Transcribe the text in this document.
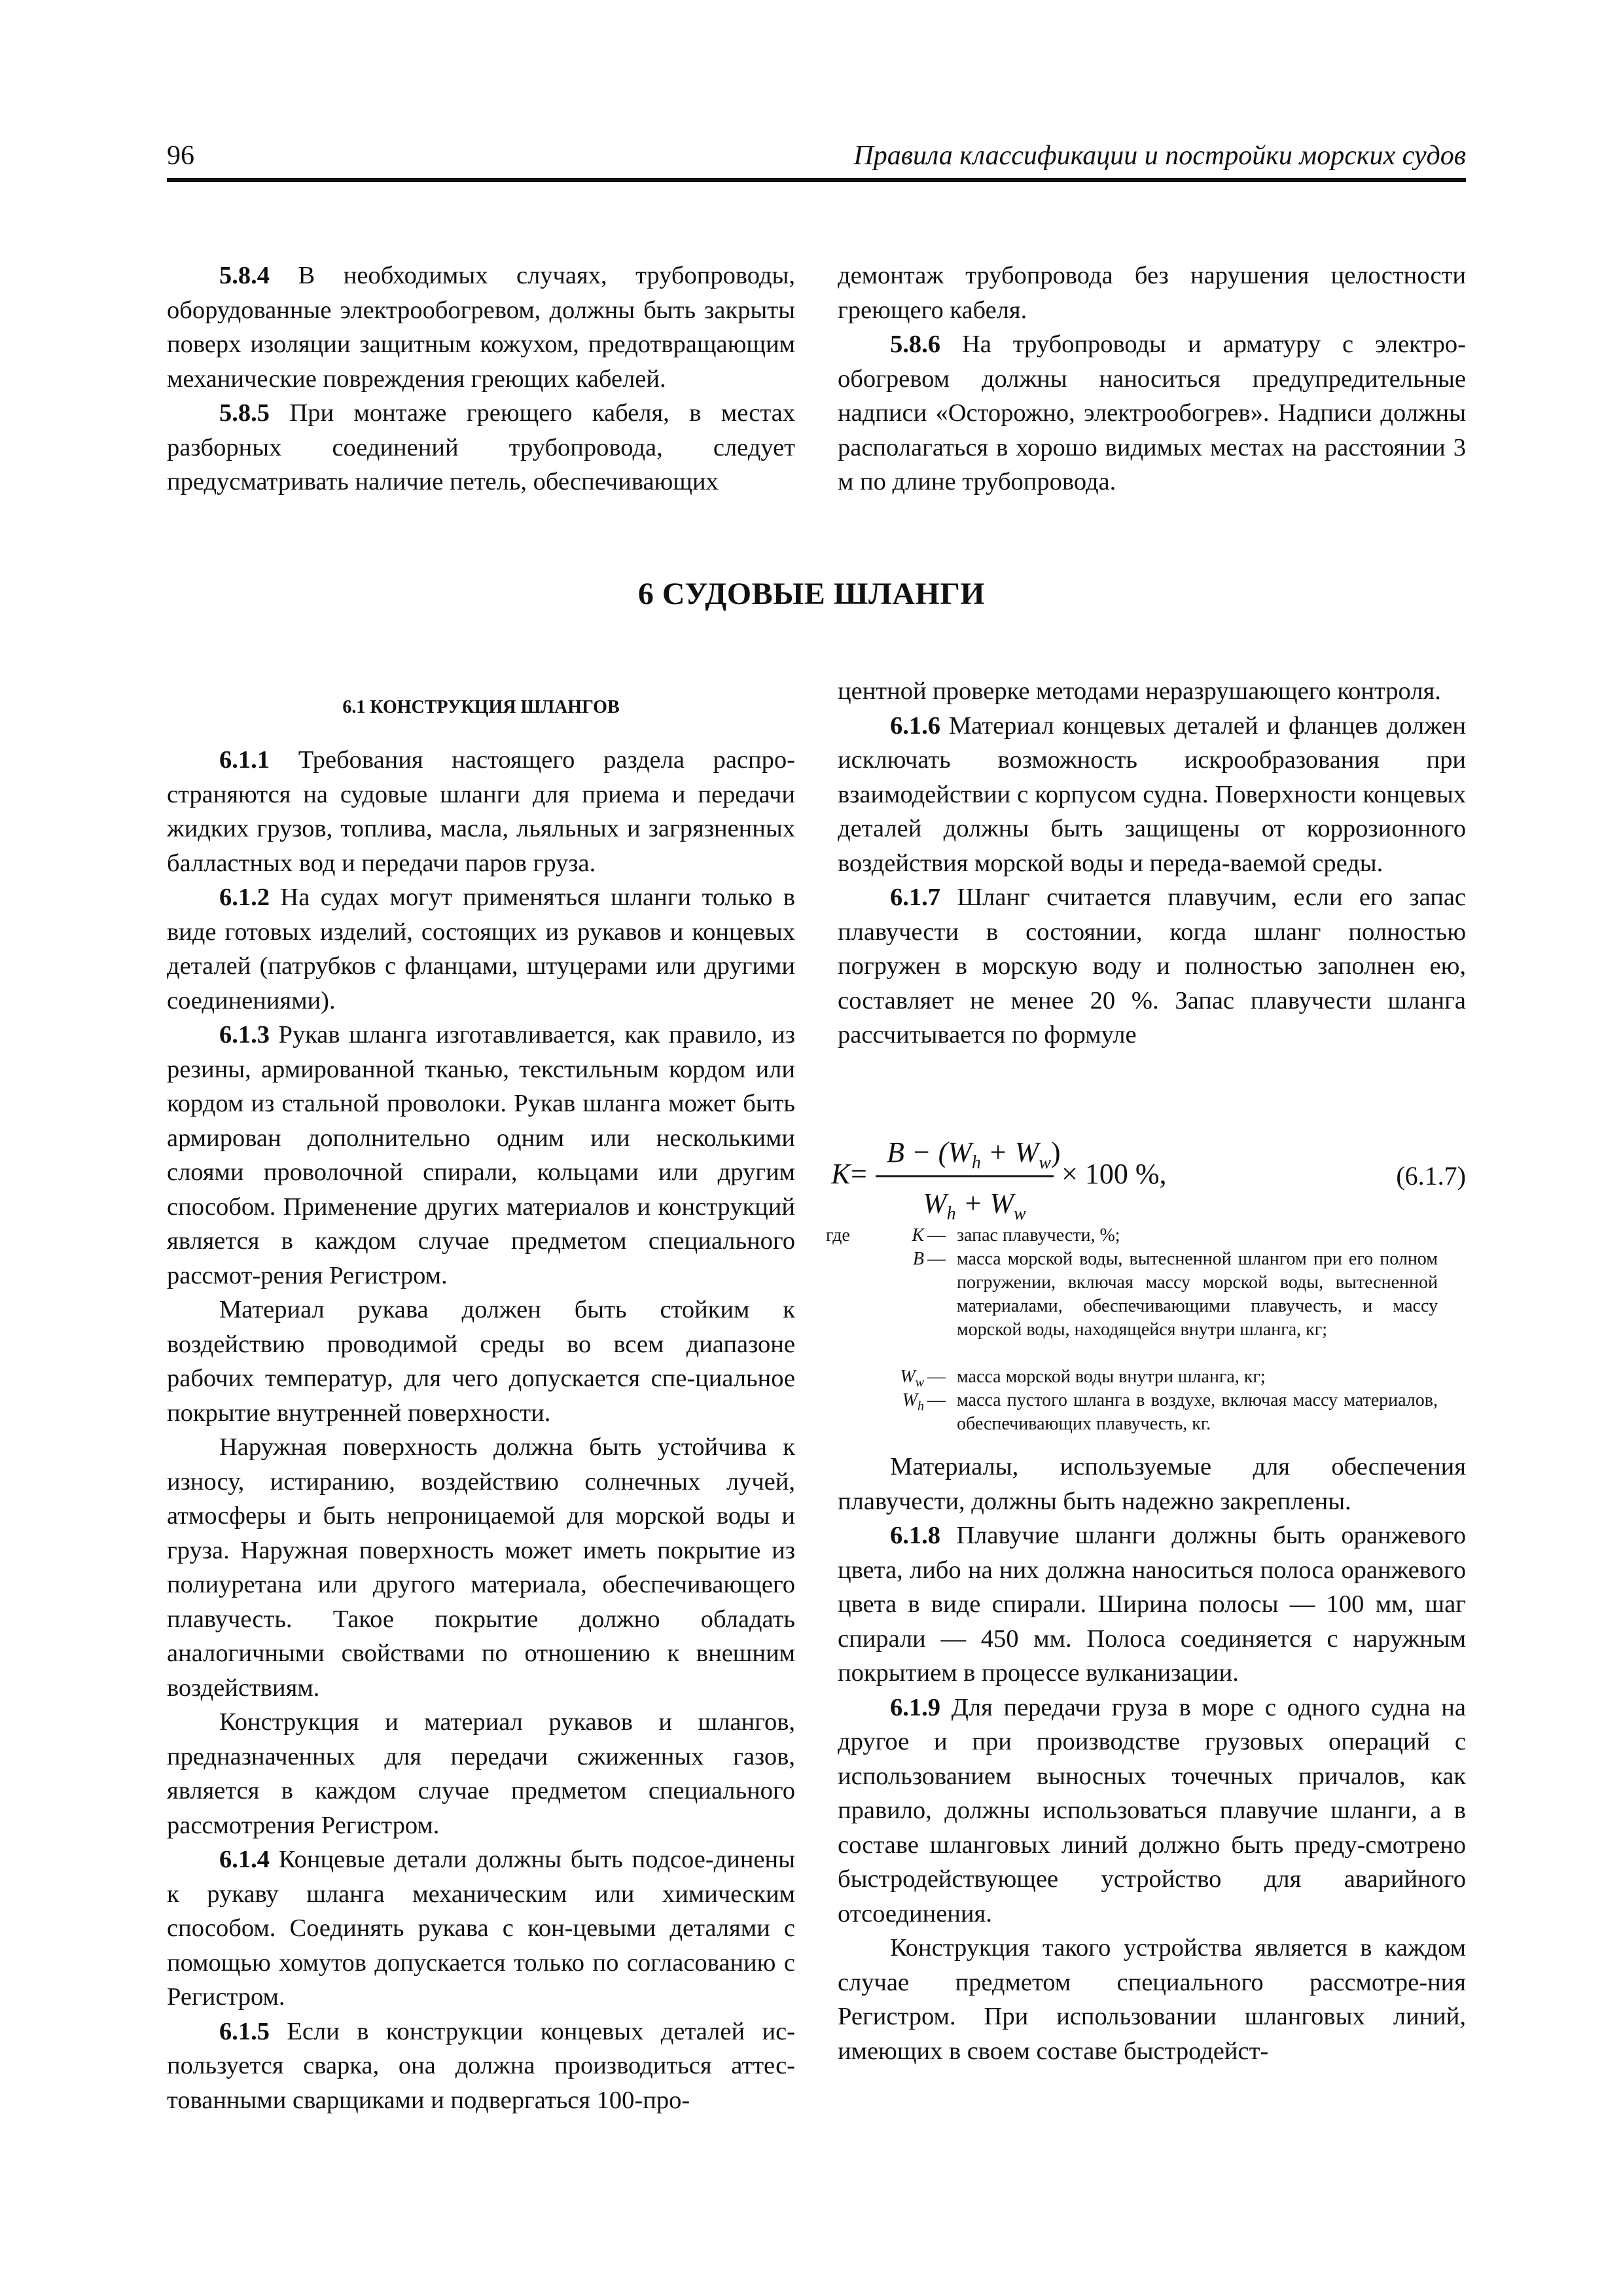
96	Правила классификации и постройки морских судов

5.8.4 В необходимых случаях, трубопроводы, оборудованные электрообогревом, должны быть закрыты поверх изоляции защитным кожухом, предотвращающим механические повреждения греющих кабелей.

5.8.5 При монтаже греющего кабеля, в местах разборных соединений трубопровода, следует предусматривать наличие петель, обеспечивающих

демонтаж трубопровода без нарушения целостности греющего кабеля.

5.8.6 На трубопроводы и арматуру с электро-обогревом должны наноситься предупредительные надписи «Осторожно, электрообогрев». Надписи должны располагаться в хорошо видимых местах на расстоянии 3 м по длине трубопровода.

6 СУДОВЫЕ ШЛАНГИ
6.1 КОНСТРУКЦИЯ ШЛАНГОВ

6.1.1 Требования настоящего раздела распро-страняются на судовые шланги для приема и передачи жидких грузов, топлива, масла, льяльных и загрязненных балластных вод и передачи паров груза.

6.1.2 На судах могут применяться шланги только в виде готовых изделий, состоящих из рукавов и концевых деталей (патрубков с фланцами, штуцерами или другими соединениями).

6.1.3 Рукав шланга изготавливается, как правило, из резины, армированной тканью, текстильным кордом или кордом из стальной проволоки. Рукав шланга может быть армирован дополнительно одним или несколькими слоями проволочной спирали, кольцами или другим способом. Применение других материалов и конструкций является в каждом случае предметом специального рассмот-рения Регистром.

Материал рукава должен быть стойким к воздействию проводимой среды во всем диапазоне рабочих температур, для чего допускается спе-циальное покрытие внутренней поверхности.

Наружная поверхность должна быть устойчива к износу, истиранию, воздействию солнечных лучей, атмосферы и быть непроницаемой для морской воды и груза. Наружная поверхность может иметь покрытие из полиуретана или другого материала, обеспечивающего плавучесть. Такое покрытие должно обладать аналогичными свойствами по отношению к внешним воздействиям.

Конструкция и материал рукавов и шлангов, предназначенных для передачи сжиженных газов, является в каждом случае предметом специального рассмотрения Регистром.

6.1.4 Концевые детали должны быть подсое-динены к рукаву шланга механическим или химическим способом. Соединять рукава с кон-цевыми деталями с помощью хомутов допускается только по согласованию с Регистром.

6.1.5 Если в конструкции концевых деталей ис-пользуется сварка, она должна производиться аттес-тованными сварщиками и подвергаться 100-про-

центной проверке методами неразрушающего контроля.

6.1.6 Материал концевых деталей и фланцев должен исключать возможность искрообразования при взаимодействии с корпусом судна. Поверхности концевых деталей должны быть защищены от коррозионного воздействия морской воды и переда-ваемой среды.

6.1.7 Шланг считается плавучим, если его запас плавучести в состоянии, когда шланг полностью погружен в морскую воду и полностью заполнен ею, составляет не менее 20 %. Запас плавучести шланга рассчитывается по формуле

K =
$B - (W_h + W_w)$
$W_h + W_w$
× 100 %,	(6.1.7)
где	K — запас плавучести, %;
B — масса морской воды, вытесненной шлангом при его полном погружении, включая массу морской воды, вытесненной материалами, обеспечивающими плавучесть, и массу морской воды, находящейся внутри шланга, кг;
$W_w$ — масса морской воды внутри шланга, кг;
$W_h$ — масса пустого шланга в воздухе, включая массу материалов, обеспечивающих плавучесть, кг.

Материалы, используемые для обеспечения плавучести, должны быть надежно закреплены.

6.1.8 Плавучие шланги должны быть оранжевого цвета, либо на них должна наноситься полоса оранжевого цвета в виде спирали. Ширина полосы — 100 мм, шаг спирали — 450 мм. Полоса соединяется с наружным покрытием в процессе вулканизации.

6.1.9 Для передачи груза в море с одного судна на другое и при производстве грузовых операций с использованием выносных точечных причалов, как правило, должны использоваться плавучие шланги, а в составе шланговых линий должно быть преду-смотрено быстродействующее устройство для аварийного отсоединения.

Конструкция такого устройства является в каждом случае предметом специального рассмотре-ния Регистром. При использовании шланговых линий, имеющих в своем составе быстродейст-
